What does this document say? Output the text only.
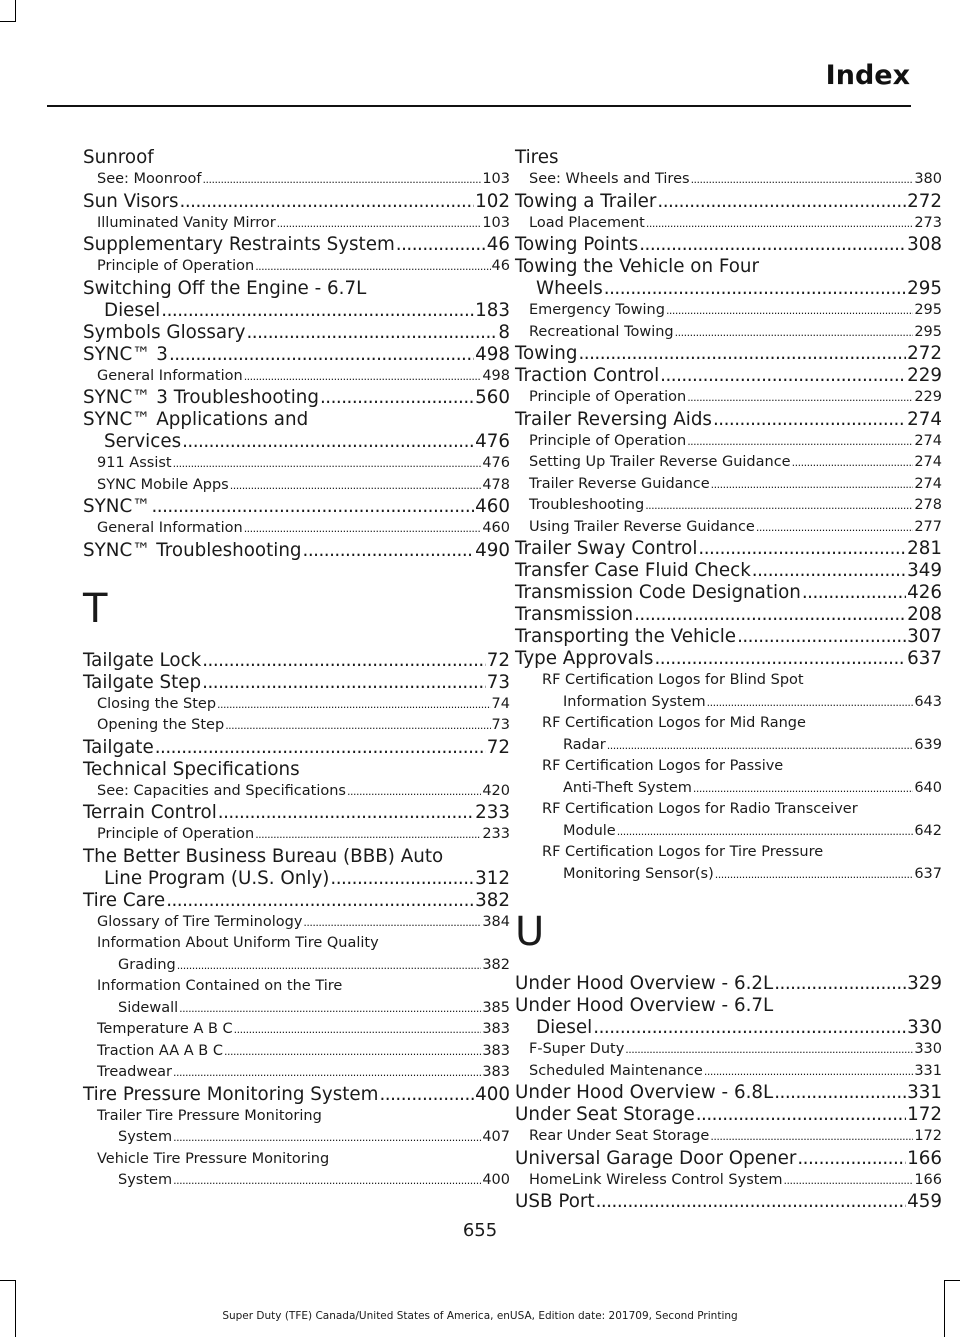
Index
Sunroof
See: Moonroof .....	103
Sun Visors .....	102
Illuminated Vanity Mirror .....	103
Supplementary Restraints System .....	46
Principle of Operation .....	46
Switching Off the Engine - 6.7L
Diesel .....	183
Symbols Glossary .....	8
SYNC™ 3 .....	498
General Information .....	498
SYNC™ 3 Troubleshooting .....	560
SYNC™ Applications and
Services .....	476
911 Assist .....	476
SYNC Mobile Apps .....	478
SYNC™ .....	460
General Information .....	460
SYNC™ Troubleshooting .....	490
T
Tailgate Lock .....	72
Tailgate Step .....	73
Closing the Step .....	74
Opening the Step .....	73
Tailgate .....	72
Technical Specifications
See: Capacities and Specifications .....	420
Terrain Control .....	233
Principle of Operation .....	233
The Better Business Bureau (BBB) Auto
Line Program (U.S. Only) .....	312
Tire Care .....	382
Glossary of Tire Terminology .....	384
Information About Uniform Tire Quality
Grading .....	382
Information Contained on the Tire
Sidewall .....	385
Temperature A B C .....	383
Traction AA A B C .....	383
Treadwear .....	383
Tire Pressure Monitoring System .....	400
Trailer Tire Pressure Monitoring
System .....	407
Vehicle Tire Pressure Monitoring
System .....	400
Tires
See: Wheels and Tires .....	380
Towing a Trailer .....	272
Load Placement .....	273
Towing Points .....	308
Towing the Vehicle on Four
Wheels .....	295
Emergency Towing .....	295
Recreational Towing .....	295
Towing .....	272
Traction Control .....	229
Principle of Operation .....	229
Trailer Reversing Aids .....	274
Principle of Operation .....	274
Setting Up Trailer Reverse Guidance .....	274
Trailer Reverse Guidance .....	274
Troubleshooting .....	278
Using Trailer Reverse Guidance .....	277
Trailer Sway Control .....	281
Transfer Case Fluid Check .....	349
Transmission Code Designation .....	426
Transmission .....	208
Transporting the Vehicle .....	307
Type Approvals .....	637
RF Certification Logos for Blind Spot
Information System .....	643
RF Certification Logos for Mid Range
Radar .....	639
RF Certification Logos for Passive
Anti-Theft System .....	640
RF Certification Logos for Radio Transceiver
Module .....	642
RF Certification Logos for Tire Pressure
Monitoring Sensor(s) .....	637
U
Under Hood Overview - 6.2L .....	329
Under Hood Overview - 6.7L
Diesel .....	330
F-Super Duty .....	330
Scheduled Maintenance .....	331
Under Hood Overview - 6.8L .....	331
Under Seat Storage .....	172
Rear Under Seat Storage .....	172
Universal Garage Door Opener .....	166
HomeLink Wireless Control System .....	166
USB Port .....	459
655
Super Duty (TFE) Canada/United States of America, enUSA, Edition date: 201709, Second Printing
